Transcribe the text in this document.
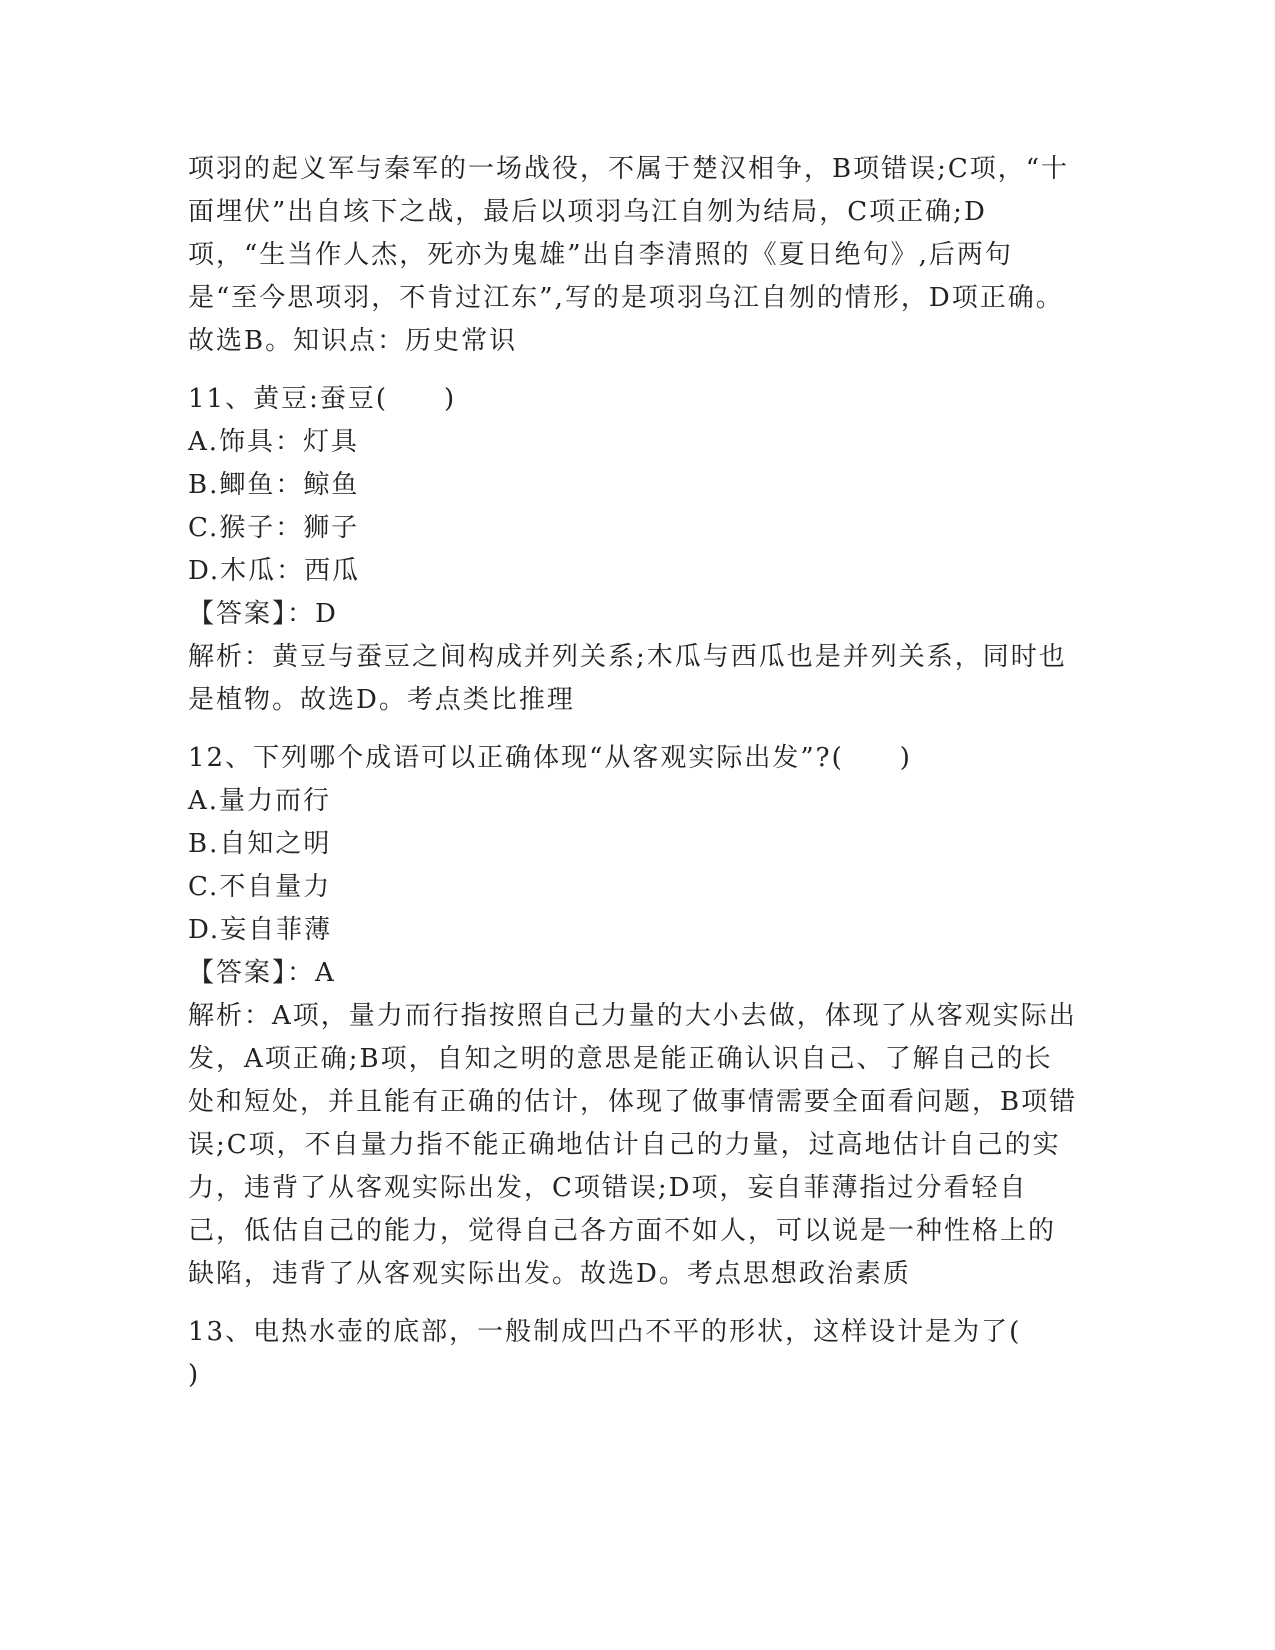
项羽的起义军与秦军的一场战役，不属于楚汉相争，B项错误;C项，“十面埋伏”出自垓下之战，最后以项羽乌江自刎为结局，C项正确;D项，“生当作人杰，死亦为鬼雄”出自李清照的《夏日绝句》,后两句是“至今思项羽，不肯过江东”,写的是项羽乌江自刎的情形，D项正确。故选B。知识点：历史常识

11、黄豆:蚕豆(　　)

A.饰具：灯具

B.鲫鱼：鲸鱼

C.猴子：狮子

D.木瓜：西瓜

【答案】：D

解析：黄豆与蚕豆之间构成并列关系;木瓜与西瓜也是并列关系，同时也是植物。故选D。考点类比推理

12、下列哪个成语可以正确体现“从客观实际出发”?(　　)

A.量力而行

B.自知之明

C.不自量力

D.妄自菲薄

【答案】：A

解析：A项，量力而行指按照自己力量的大小去做，体现了从客观实际出发，A项正确;B项，自知之明的意思是能正确认识自己、了解自己的长处和短处，并且能有正确的估计，体现了做事情需要全面看问题，B项错误;C项，不自量力指不能正确地估计自己的力量，过高地估计自己的实力，违背了从客观实际出发，C项错误;D项，妄自菲薄指过分看轻自己，低估自己的能力，觉得自己各方面不如人，可以说是一种性格上的缺陷，违背了从客观实际出发。故选D。考点思想政治素质

13、电热水壶的底部，一般制成凹凸不平的形状，这样设计是为了(　　)
